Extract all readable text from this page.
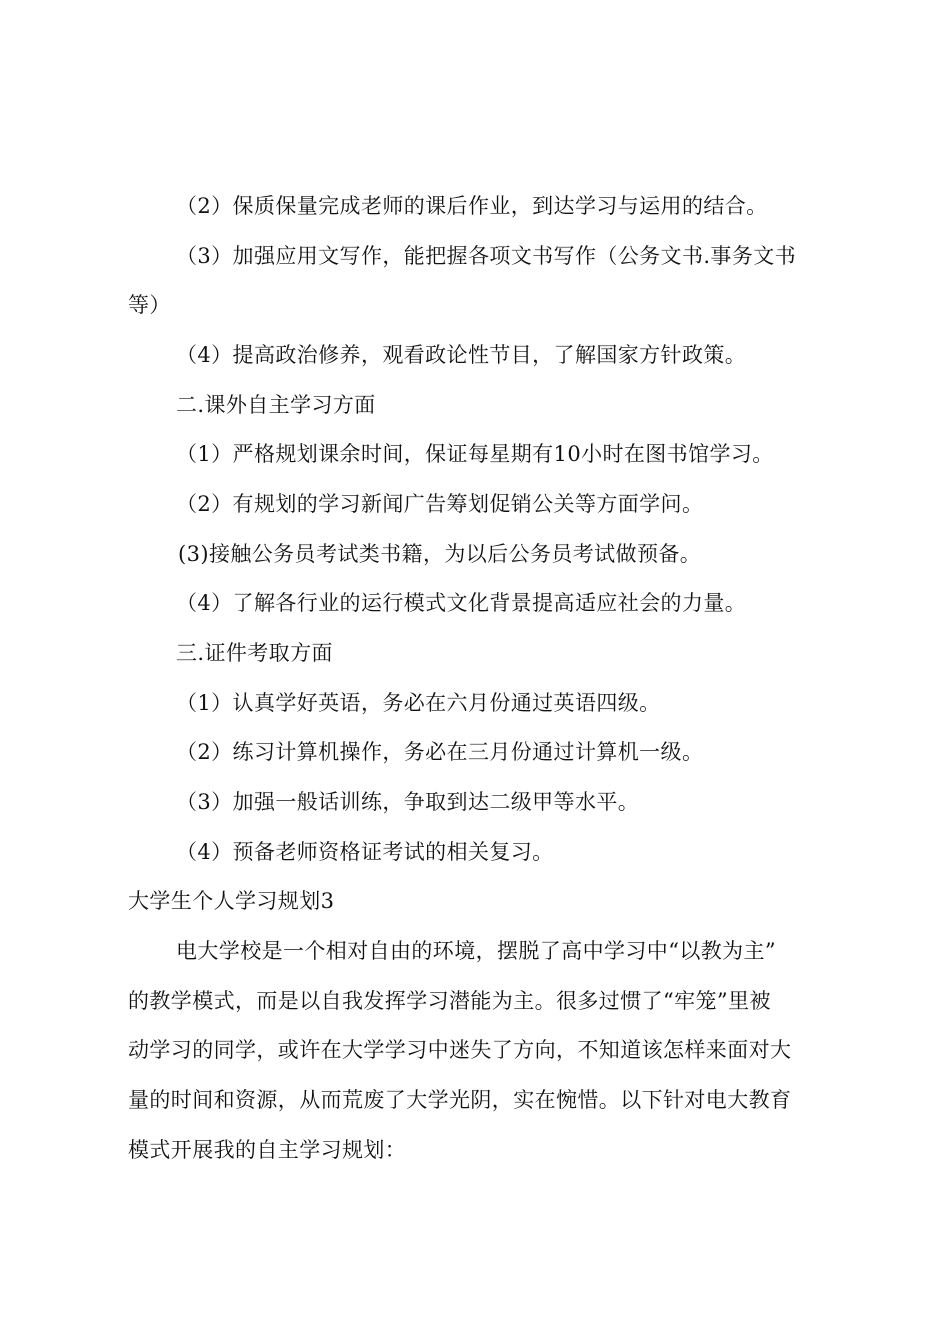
（2）保质保量完成老师的课后作业，到达学习与运用的结合。
（3）加强应用文写作，能把握各项文书写作（公务文书.事务文书
等）
（4）提高政治修养，观看政论性节目，了解国家方针政策。
二.课外自主学习方面
（1）严格规划课余时间，保证每星期有10小时在图书馆学习。
（2）有规划的学习新闻广告筹划促销公关等方面学问。
(3)接触公务员考试类书籍，为以后公务员考试做预备。
（4）了解各行业的运行模式文化背景提高适应社会的力量。
三.证件考取方面
（1）认真学好英语，务必在六月份通过英语四级。
（2）练习计算机操作，务必在三月份通过计算机一级。
（3）加强一般话训练，争取到达二级甲等水平。
（4）预备老师资格证考试的相关复习。
大学生个人学习规划3
电大学校是一个相对自由的环境，摆脱了高中学习中“以教为主”
的教学模式，而是以自我发挥学习潜能为主。很多过惯了“牢笼”里被
动学习的同学，或许在大学学习中迷失了方向，不知道该怎样来面对大
量的时间和资源，从而荒废了大学光阴，实在惋惜。以下针对电大教育
模式开展我的自主学习规划：
